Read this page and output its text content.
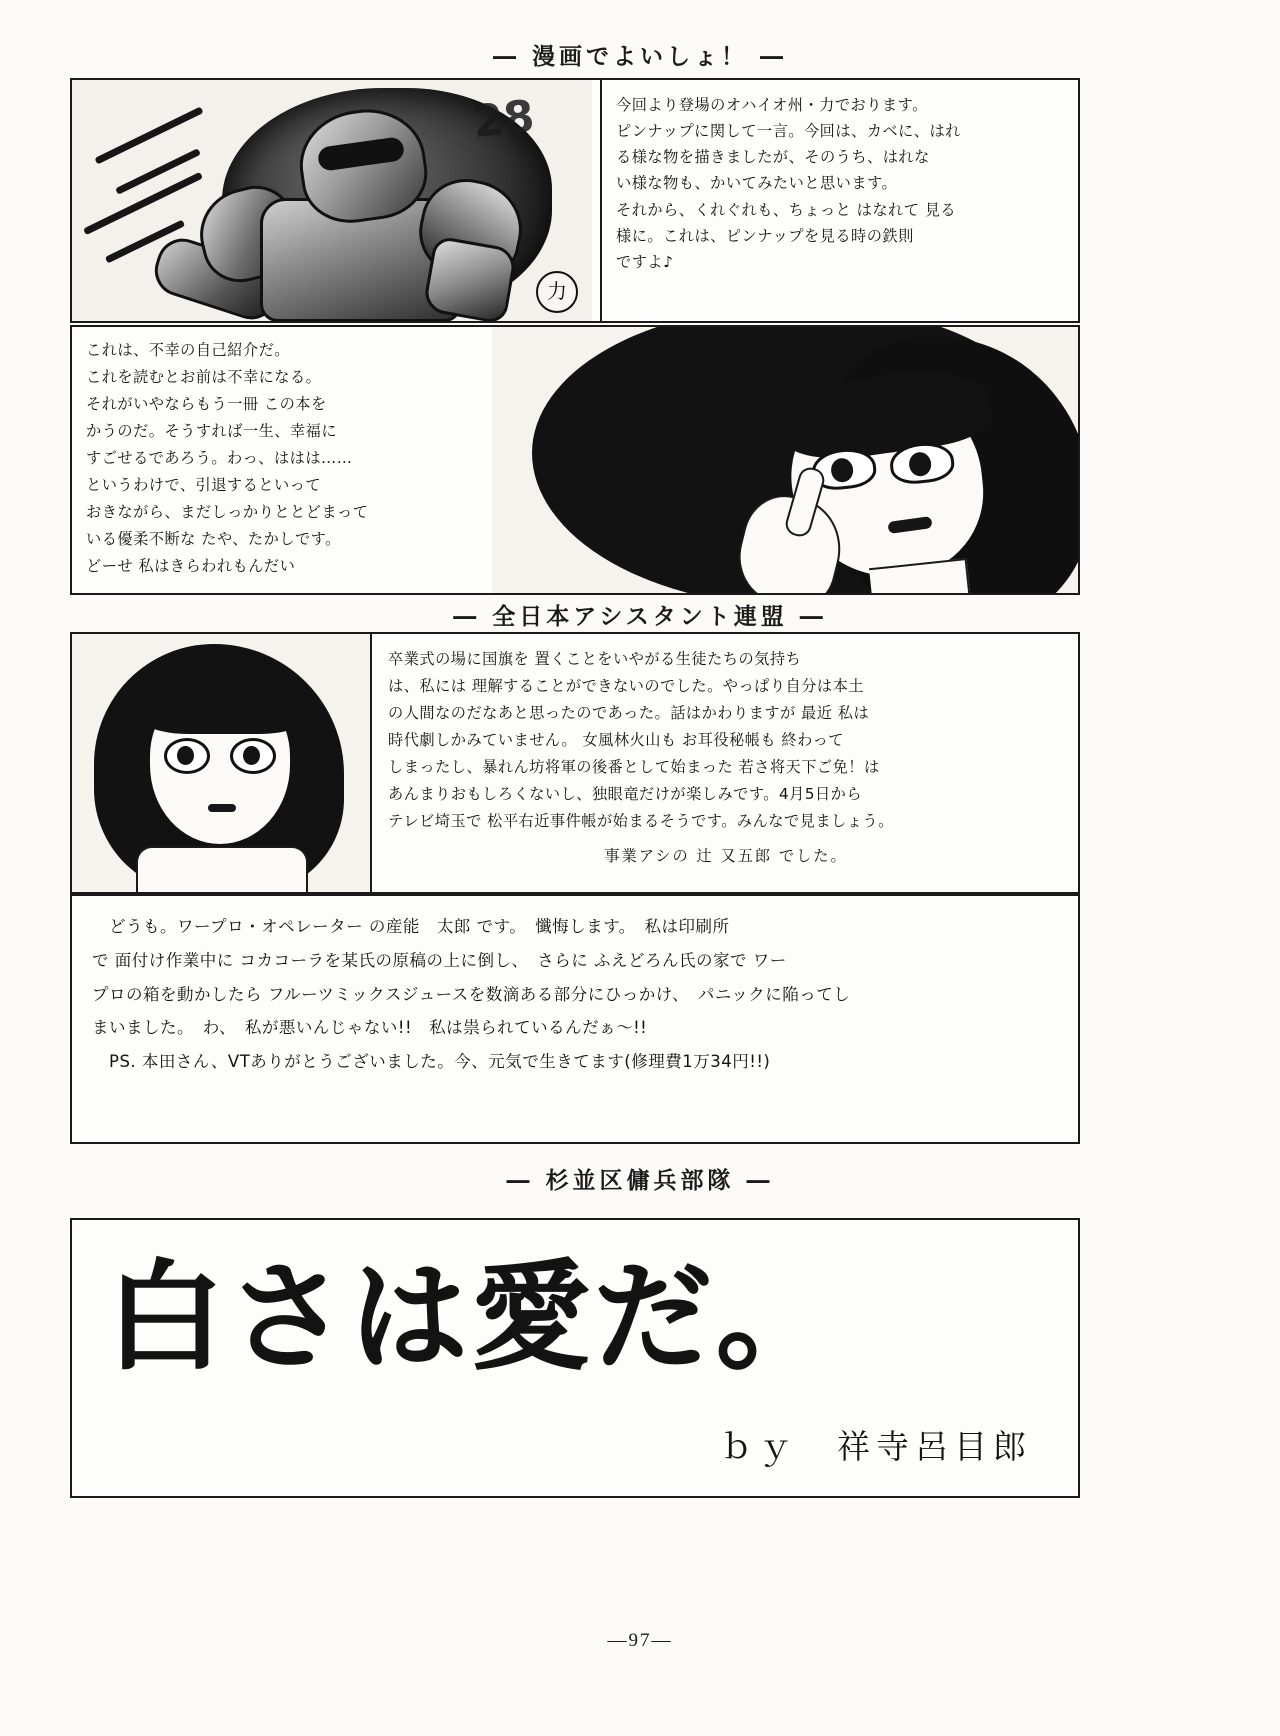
― 漫画でよいしょ！ ―
28
力
今回より登場のオハイオ州・力でおります。
ピンナップに関して一言。今回は、カベに、はれ
る様な物を描きましたが、そのうち、はれな
い様な物も、かいてみたいと思います。
それから、くれぐれも、ちょっと はなれて 見る
様に。これは、ピンナップを見る時の鉄則
ですよ♪
これは、不幸の自己紹介だ。
これを読むとお前は不幸になる。
それがいやならもう一冊 この本を
かうのだ。そうすれば一生、幸福に
すごせるであろう。わっ、ははは……
というわけで、引退するといって
おきながら、まだしっかりととどまって
いる優柔不断な たや、たかしです。
どーせ 私はきらわれもんだい
― 全日本アシスタント連盟 ―
卒業式の場に国旗を 置くことをいやがる生徒たちの気持ち
は、私には 理解することができないのでした。やっぱり自分は本土
の人間なのだなあと思ったのであった。話はかわりますが 最近 私は
時代劇しかみていません。 女風林火山も お耳役秘帳も 終わって
しまったし、暴れん坊将軍の後番として始まった 若さ将天下ご免！は
あんまりおもしろくないし、独眼竜だけが楽しみです。4月5日から
テレビ埼玉で 松平右近事件帳が始まるそうです。みんなで見ましょう。
事業アシの 辻 又五郎 でした。
　どうも。ワープロ・オペレーター の産能　太郎 です。　懺悔します。　私は印刷所
で 面付け作業中に コカコーラを某氏の原稿の上に倒し、　さらに ふえどろん氏の家で ワー
プロの箱を動かしたら フルーツミックスジュースを数滴ある部分にひっかけ、　パニックに陥ってし
まいました。　わ、　私が悪いんじゃない!!　私は祟られているんだぁ～!!
　PS. 本田さん、VTありがとうございました。今、元気で生きてます(修理費1万34円!!)
― 杉並区傭兵部隊 ―
白さは愛だ。
ｂｙ　祥寺呂目郎
—97—
